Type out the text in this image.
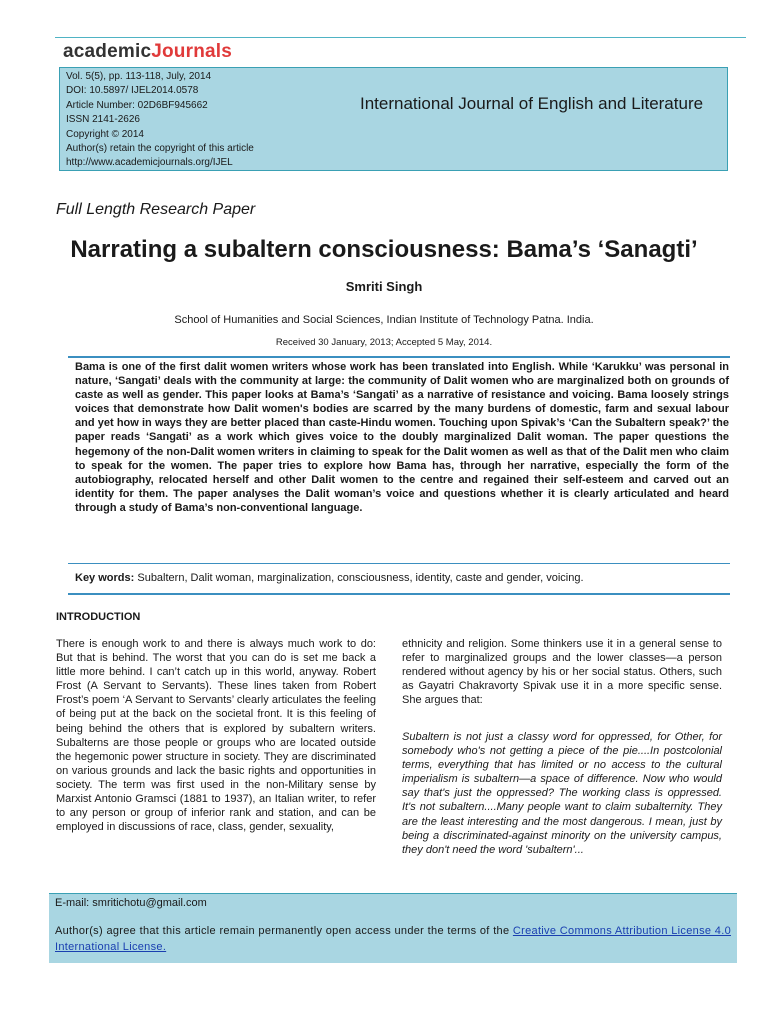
academicJournals
Vol. 5(5), pp. 113-118, July, 2014
DOI: 10.5897/ IJEL2014.0578
Article Number: 02D6BF945662
ISSN 2141-2626
Copyright © 2014
Author(s) retain the copyright of this article
http://www.academicjournals.org/IJEL
International Journal of English and Literature
Full Length Research Paper
Narrating a subaltern consciousness: Bama’s ‘Sanagti’
Smriti Singh
School of Humanities and Social Sciences, Indian Institute of Technology Patna. India.
Received 30 January, 2013; Accepted 5 May, 2014.
Bama is one of the first dalit women writers whose work has been translated into English. While ‘Karukku’ was personal in nature, ‘Sangati’ deals with the community at large: the community of Dalit women who are marginalized both on grounds of caste as well as gender. This paper looks at Bama’s ‘Sangati’ as a narrative of resistance and voicing. Bama loosely strings voices that demonstrate how Dalit women's bodies are scarred by the many burdens of domestic, farm and sexual labour and yet how in ways they are better placed than caste-Hindu women. Touching upon Spivak’s ‘Can the Subaltern speak?’ the paper reads ‘Sangati’ as a work which gives voice to the doubly marginalized Dalit woman. The paper questions the hegemony of the non-Dalit women writers in claiming to speak for the Dalit women as well as that of the Dalit men who claim to speak for the women. The paper tries to explore how Bama has, through her narrative, especially the form of the autobiography, relocated herself and other Dalit women to the centre and regained their self-esteem and carved out an identity for them. The paper analyses the Dalit woman’s voice and questions whether it is clearly articulated and heard through a study of Bama’s non-conventional language.
Key words: Subaltern, Dalit woman, marginalization, consciousness, identity, caste and gender, voicing.
INTRODUCTION
There is enough work to and there is always much work to do: But that is behind. The worst that you can do is set me back a little more behind. I can’t catch up in this world, anyway. Robert Frost (A Servant to Servants). These lines taken from Robert Frost’s poem ‘A Servant to Servants’ clearly articulates the feeling of being put at the back on the societal front. It is this feeling of being behind the others that is explored by subaltern writers. Subalterns are those people or groups who are located outside the hegemonic power structure in society. They are discriminated on various grounds and lack the basic rights and opportunities in society. The term was first used in the non-Military sense by Marxist Antonio Gramsci (1881 to 1937), an Italian writer, to refer to any person or group of inferior rank and station, and can be employed in discussions of race, class, gender, sexuality,
ethnicity and religion. Some thinkers use it in a general sense to refer to marginalized groups and the lower classes—a person rendered without agency by his or her social status. Others, such as Gayatri Chakravorty Spivak use it in a more specific sense. She argues that:
Subaltern is not just a classy word for oppressed, for Other, for somebody who's not getting a piece of the pie....In postcolonial terms, everything that has limited or no access to the cultural imperialism is subaltern—a space of difference. Now who would say that's just the oppressed? The working class is oppressed. It's not subaltern....Many people want to claim subalternity. They are the least interesting and the most dangerous. I mean, just by being a discriminated-against minority on the university campus, they don't need the word 'subaltern'...
E-mail: smritichotu@gmail.com
Author(s) agree that this article remain permanently open access under the terms of the Creative Commons Attribution License 4.0 International License.
